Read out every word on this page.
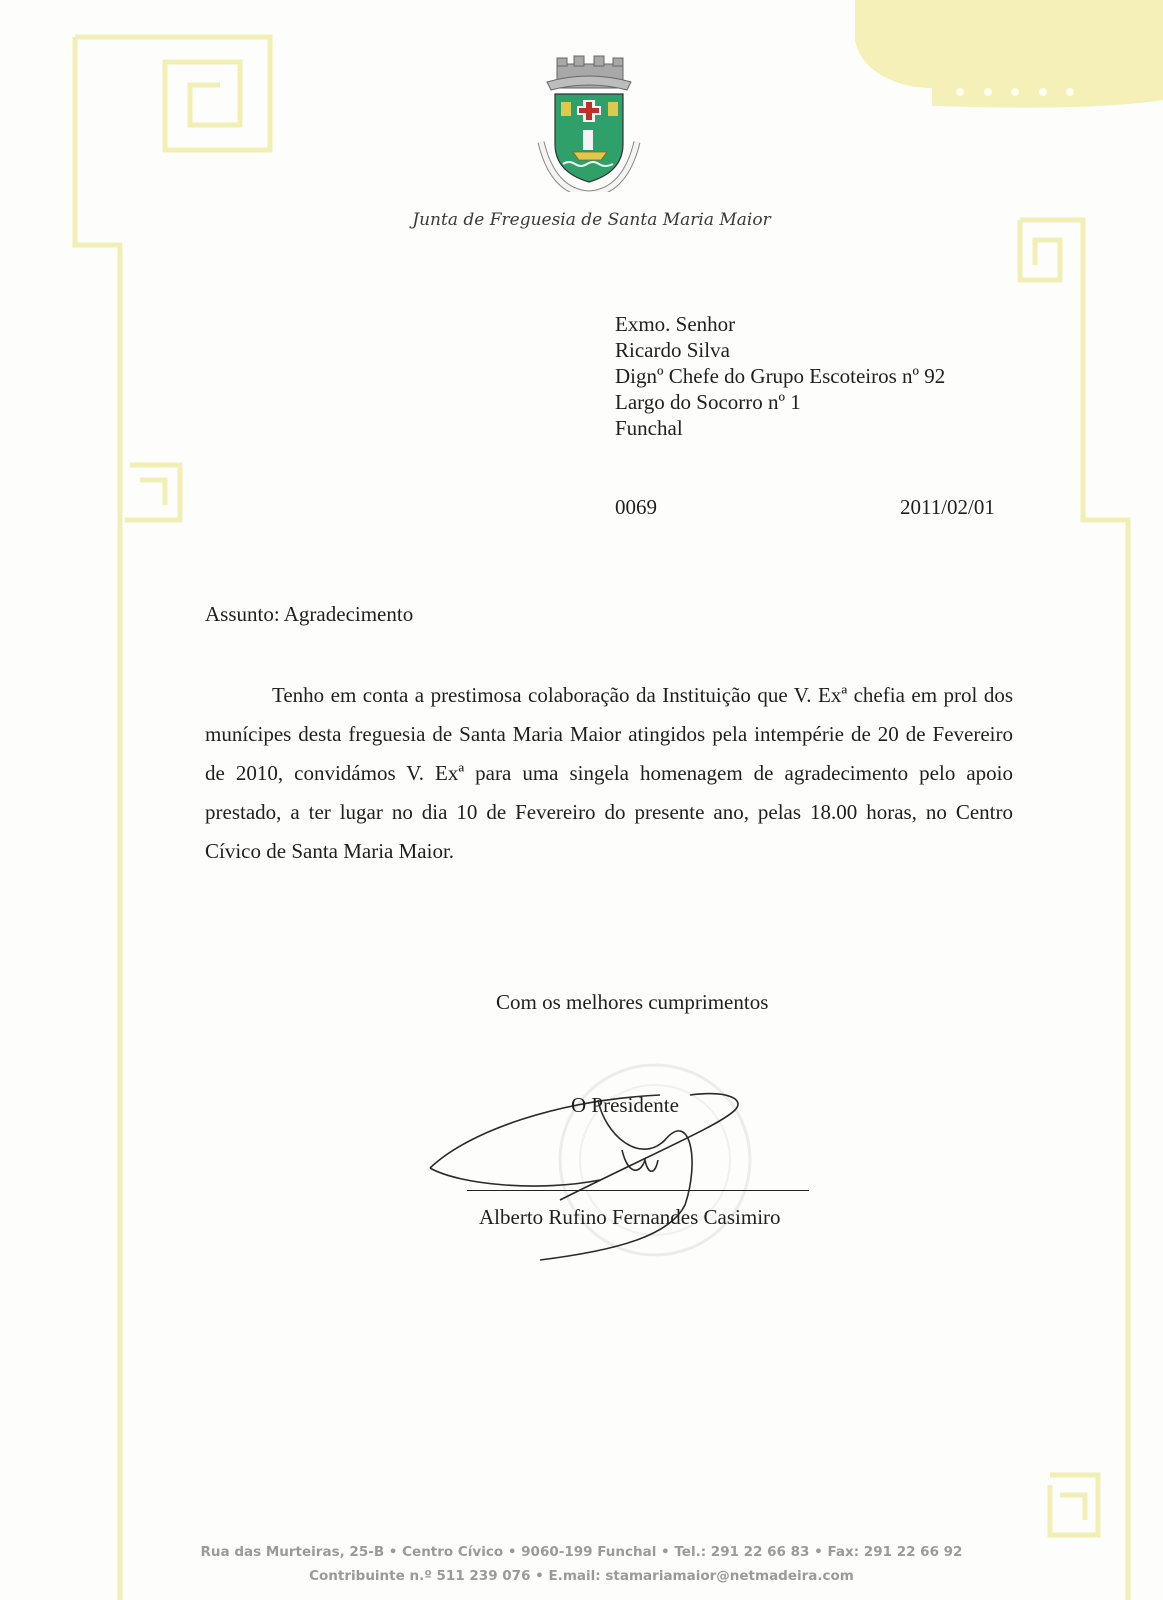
Junta de Freguesia de Santa Maria Maior
Exmo. Senhor
Ricardo Silva
Dignº Chefe do Grupo Escoteiros nº 92
Largo do Socorro nº 1
Funchal
0069	2011/02/01
Assunto: Agradecimento

Tenho em conta a prestimosa colaboração da Instituição que V. Exª chefia em prol dos munícipes desta freguesia de Santa Maria Maior atingidos pela intempérie de 20 de Fevereiro de 2010, convidámos V. Exª para uma singela homenagem de agradecimento pelo apoio prestado, a ter lugar no dia 10 de Fevereiro do presente ano, pelas 18.00 horas, no Centro Cívico de Santa Maria Maior.

Com os melhores cumprimentos
O Presidente
Alberto Rufino Fernandes Casimiro
Rua das Murteiras, 25-B • Centro Cívico • 9060-199 Funchal • Tel.: 291 22 66 83 • Fax: 291 22 66 92
Contribuinte n.º 511 239 076 • E.mail: stamariamaior@netmadeira.com
